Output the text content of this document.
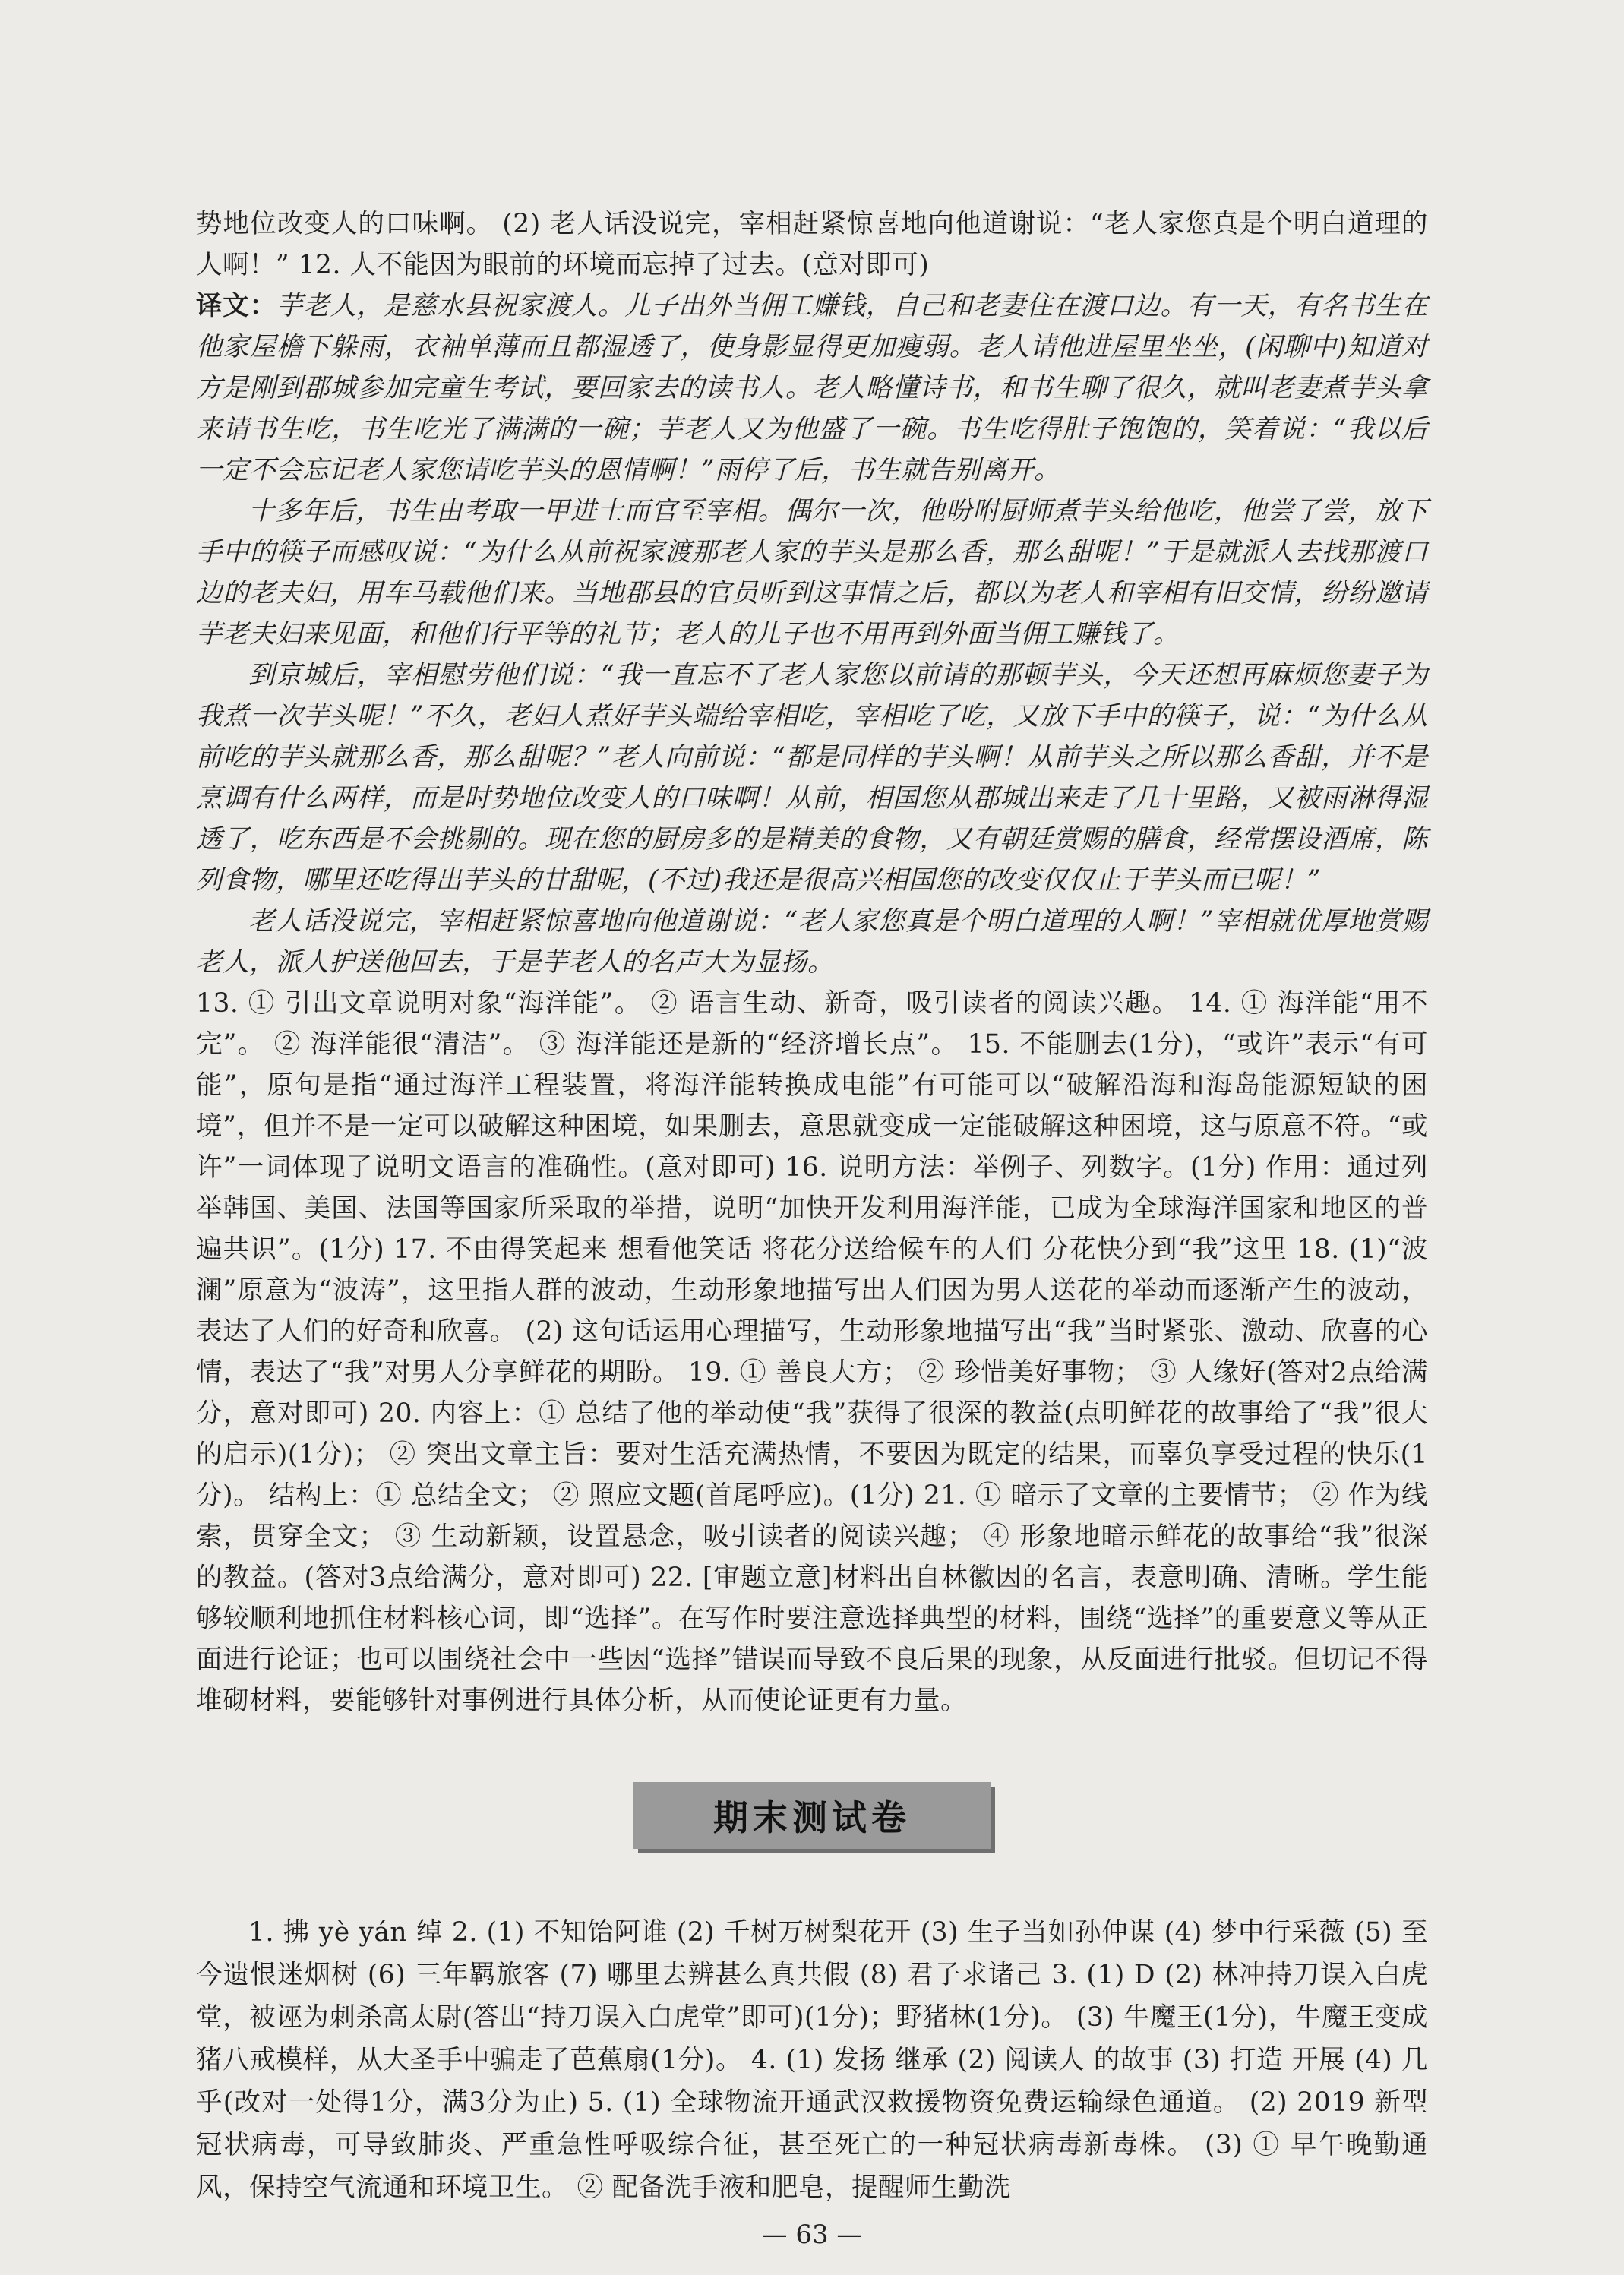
势地位改变人的口味啊。 (2) 老人话没说完，宰相赶紧惊喜地向他道谢说：“老人家您真是个明白道理的人啊！” 12. 人不能因为眼前的环境而忘掉了过去。(意对即可)

译文：芋老人，是慈水县祝家渡人。儿子出外当佣工赚钱，自己和老妻住在渡口边。有一天，有名书生在他家屋檐下躲雨，衣袖单薄而且都湿透了，使身影显得更加瘦弱。老人请他进屋里坐坐，(闲聊中)知道对方是刚到郡城参加完童生考试，要回家去的读书人。老人略懂诗书，和书生聊了很久，就叫老妻煮芋头拿来请书生吃，书生吃光了满满的一碗；芋老人又为他盛了一碗。书生吃得肚子饱饱的，笑着说：“我以后一定不会忘记老人家您请吃芋头的恩情啊！”雨停了后，书生就告别离开。

十多年后，书生由考取一甲进士而官至宰相。偶尔一次，他吩咐厨师煮芋头给他吃，他尝了尝，放下手中的筷子而感叹说：“为什么从前祝家渡那老人家的芋头是那么香，那么甜呢！”于是就派人去找那渡口边的老夫妇，用车马载他们来。当地郡县的官员听到这事情之后，都以为老人和宰相有旧交情，纷纷邀请芋老夫妇来见面，和他们行平等的礼节；老人的儿子也不用再到外面当佣工赚钱了。

到京城后，宰相慰劳他们说：“我一直忘不了老人家您以前请的那顿芋头，今天还想再麻烦您妻子为我煮一次芋头呢！”不久，老妇人煮好芋头端给宰相吃，宰相吃了吃，又放下手中的筷子，说：“为什么从前吃的芋头就那么香，那么甜呢？”老人向前说：“都是同样的芋头啊！从前芋头之所以那么香甜，并不是烹调有什么两样，而是时势地位改变人的口味啊！从前，相国您从郡城出来走了几十里路，又被雨淋得湿透了，吃东西是不会挑剔的。现在您的厨房多的是精美的食物，又有朝廷赏赐的膳食，经常摆设酒席，陈列食物，哪里还吃得出芋头的甘甜呢，(不过)我还是很高兴相国您的改变仅仅止于芋头而已呢！”

老人话没说完，宰相赶紧惊喜地向他道谢说：“老人家您真是个明白道理的人啊！”宰相就优厚地赏赐老人，派人护送他回去，于是芋老人的名声大为显扬。

13. ① 引出文章说明对象“海洋能”。 ② 语言生动、新奇，吸引读者的阅读兴趣。 14. ① 海洋能“用不完”。 ② 海洋能很“清洁”。 ③ 海洋能还是新的“经济增长点”。 15. 不能删去(1分)，“或许”表示“有可能”，原句是指“通过海洋工程装置，将海洋能转换成电能”有可能可以“破解沿海和海岛能源短缺的困境”，但并不是一定可以破解这种困境，如果删去，意思就变成一定能破解这种困境，这与原意不符。“或许”一词体现了说明文语言的准确性。(意对即可) 16. 说明方法：举例子、列数字。(1分) 作用：通过列举韩国、美国、法国等国家所采取的举措，说明“加快开发利用海洋能，已成为全球海洋国家和地区的普遍共识”。(1分) 17. 不由得笑起来 想看他笑话 将花分送给候车的人们 分花快分到“我”这里 18. (1)“波澜”原意为“波涛”，这里指人群的波动，生动形象地描写出人们因为男人送花的举动而逐渐产生的波动，表达了人们的好奇和欣喜。 (2) 这句话运用心理描写，生动形象地描写出“我”当时紧张、激动、欣喜的心情，表达了“我”对男人分享鲜花的期盼。 19. ① 善良大方； ② 珍惜美好事物； ③ 人缘好(答对2点给满分，意对即可) 20. 内容上：① 总结了他的举动使“我”获得了很深的教益(点明鲜花的故事给了“我”很大的启示)(1分)； ② 突出文章主旨：要对生活充满热情，不要因为既定的结果，而辜负享受过程的快乐(1分)。 结构上：① 总结全文； ② 照应文题(首尾呼应)。(1分) 21. ① 暗示了文章的主要情节； ② 作为线索，贯穿全文； ③ 生动新颖，设置悬念，吸引读者的阅读兴趣； ④ 形象地暗示鲜花的故事给“我”很深的教益。(答对3点给满分，意对即可) 22. [审题立意]材料出自林徽因的名言，表意明确、清晰。学生能够较顺利地抓住材料核心词，即“选择”。在写作时要注意选择典型的材料，围绕“选择”的重要意义等从正面进行论证；也可以围绕社会中一些因“选择”错误而导致不良后果的现象，从反面进行批驳。但切记不得堆砌材料，要能够针对事例进行具体分析，从而使论证更有力量。

期末测试卷

1. 拂 yè yán 绰 2. (1) 不知饴阿谁 (2) 千树万树梨花开 (3) 生子当如孙仲谋 (4) 梦中行采薇 (5) 至今遗恨迷烟树 (6) 三年羁旅客 (7) 哪里去辨甚么真共假 (8) 君子求诸己 3. (1) D (2) 林冲持刀误入白虎堂，被诬为刺杀高太尉(答出“持刀误入白虎堂”即可)(1分)；野猪林(1分)。 (3) 牛魔王(1分)，牛魔王变成猪八戒模样，从大圣手中骗走了芭蕉扇(1分)。 4. (1) 发扬 继承 (2) 阅读人 的故事 (3) 打造 开展 (4) 几乎(改对一处得1分，满3分为止) 5. (1) 全球物流开通武汉救援物资免费运输绿色通道。 (2) 2019 新型冠状病毒，可导致肺炎、严重急性呼吸综合征，甚至死亡的一种冠状病毒新毒株。 (3) ① 早午晚勤通风，保持空气流通和环境卫生。 ② 配备洗手液和肥皂，提醒师生勤洗

— 63 —
